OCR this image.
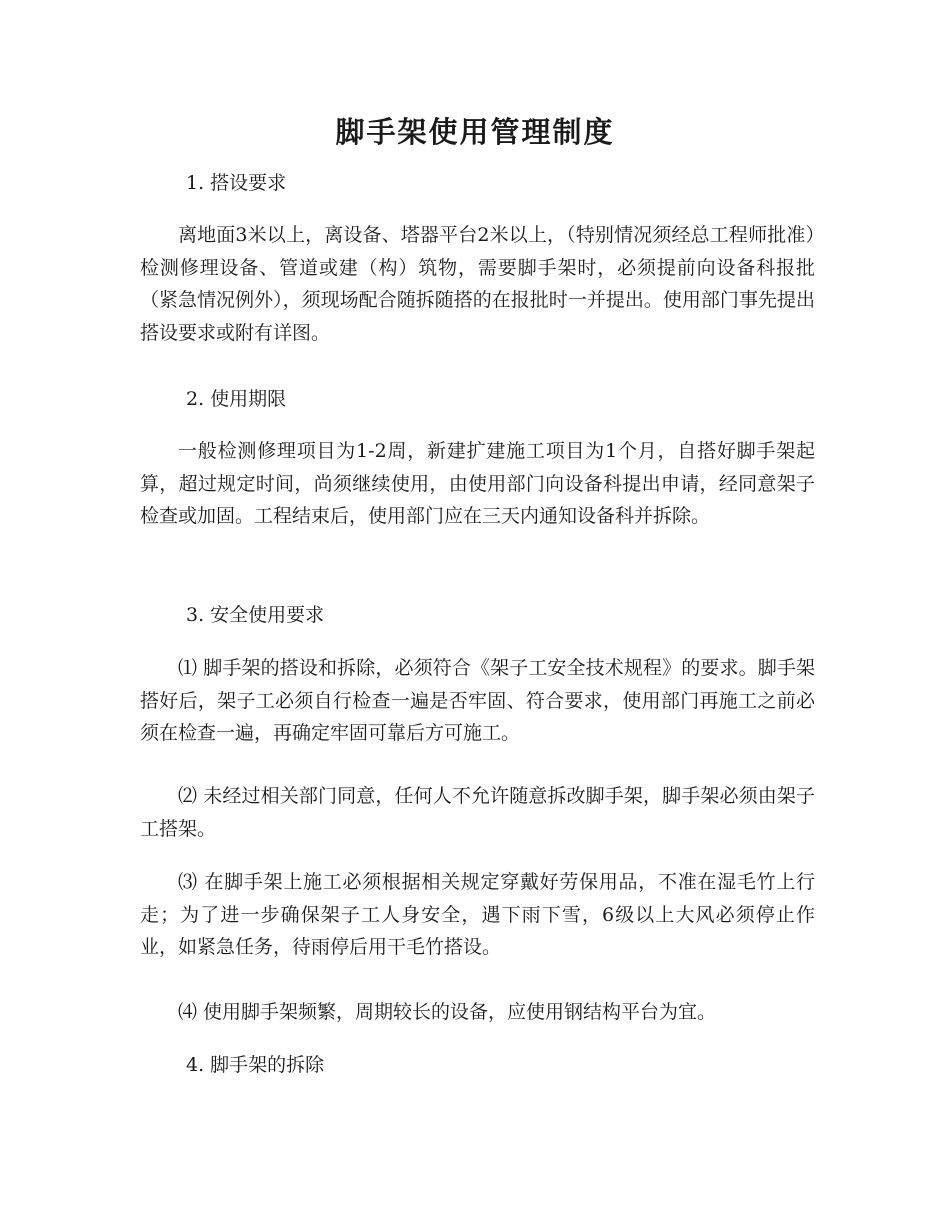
脚手架使用管理制度
1. 搭设要求

离地面3米以上，离设备、塔器平台2米以上，（特别情况须经总工程师批准）检测修理设备、管道或建（构）筑物，需要脚手架时，必须提前向设备科报批（紧急情况例外），须现场配合随拆随搭的在报批时一并提出。使用部门事先提出搭设要求或附有详图。

2. 使用期限

一般检测修理项目为1-2周，新建扩建施工项目为1个月，自搭好脚手架起算，超过规定时间，尚须继续使用，由使用部门向设备科提出申请，经同意架子检查或加固。工程结束后，使用部门应在三天内通知设备科并拆除。

3. 安全使用要求

⑴ 脚手架的搭设和拆除，必须符合《架子工安全技术规程》的要求。脚手架搭好后，架子工必须自行检查一遍是否牢固、符合要求，使用部门再施工之前必须在检查一遍，再确定牢固可靠后方可施工。

⑵ 未经过相关部门同意，任何人不允许随意拆改脚手架，脚手架必须由架子工搭架。

⑶ 在脚手架上施工必须根据相关规定穿戴好劳保用品，不准在湿毛竹上行走；为了进一步确保架子工人身安全，遇下雨下雪，6级以上大风必须停止作业，如紧急任务，待雨停后用干毛竹搭设。

⑷ 使用脚手架频繁，周期较长的设备，应使用钢结构平台为宜。

4. 脚手架的拆除
